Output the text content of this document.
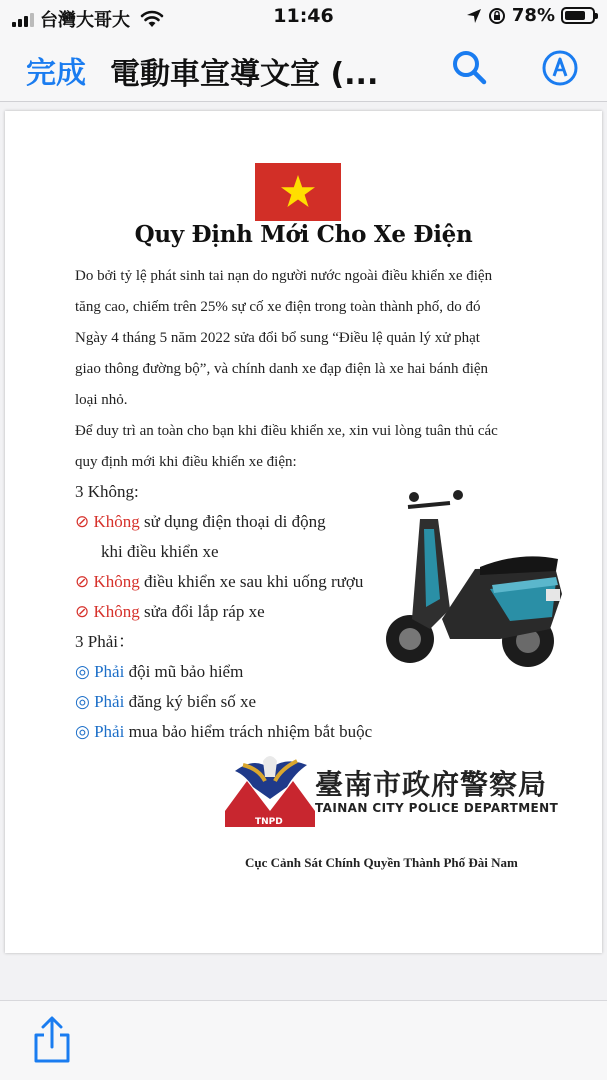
台灣大哥大	11:46	78%
完成 電動車宣導文宣 (...
Quy Định Mới Cho Xe Điện
Do bởi tỷ lệ phát sinh tai nạn do người nước ngoài điều khiển xe điện
tăng cao, chiếm trên 25% sự cố xe điện trong toàn thành phố, do đó
Ngày 4 tháng 5 năm 2022 sửa đổi bổ sung “Điều lệ quản lý xử phạt
giao thông đường bộ”, và chính danh xe đạp điện là xe hai bánh điện
loại nhỏ.
Để duy trì an toàn cho bạn khi điều khiển xe, xin vui lòng tuân thủ các
quy định mới khi điều khiển xe điện:
3 Không:
⊘ Không sử dụng điện thoại di động
khi điều khiển xe
⊘ Không điều khiển xe sau khi uống rượu
⊘ Không sửa đổi lắp ráp xe
3 Phải：
◎ Phải đội mũ bảo hiểm
◎ Phải đăng ký biển số xe
◎ Phải mua bảo hiểm trách nhiệm bắt buộc
TNPD
臺南市政府警察局
TAINAN CITY POLICE DEPARTMENT
Cục Cảnh Sát Chính Quyền Thành Phố Đài Nam
